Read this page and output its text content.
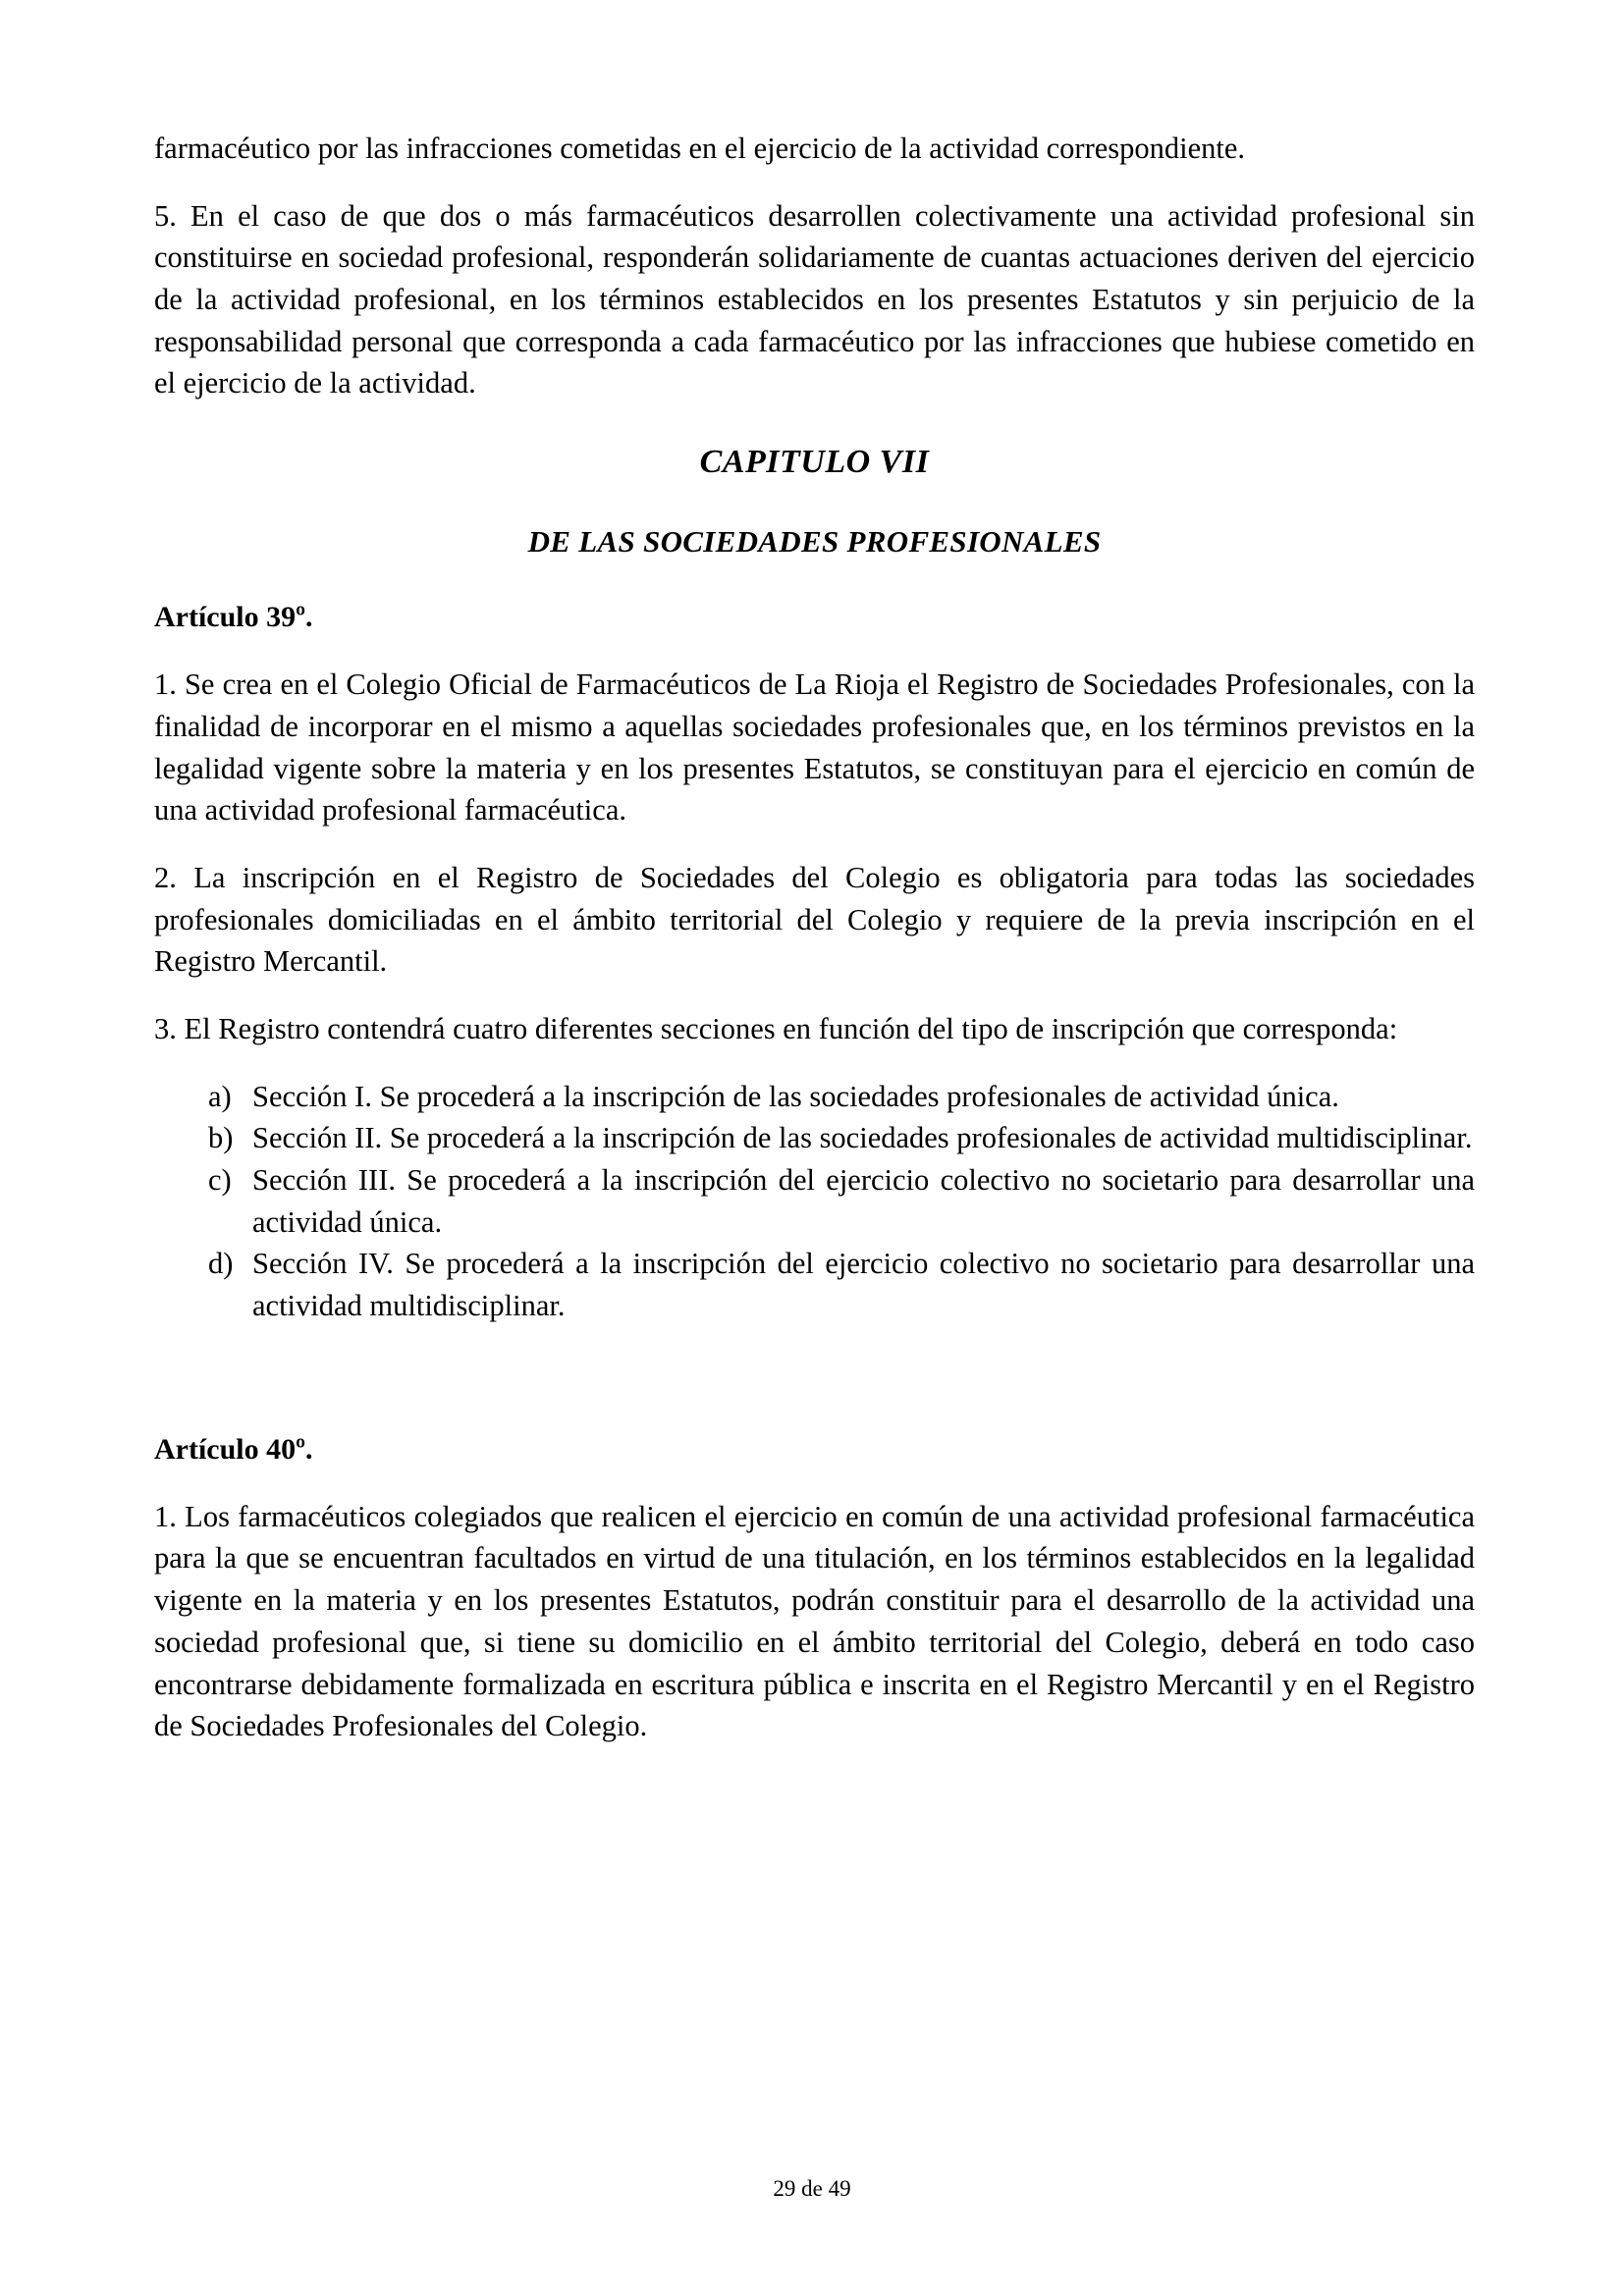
farmacéutico por las infracciones cometidas en el ejercicio de la actividad correspondiente.

5. En el caso de que dos o más farmacéuticos desarrollen colectivamente una actividad profesional sin constituirse en sociedad profesional, responderán solidariamente de cuantas actuaciones deriven del ejercicio de la actividad profesional, en los términos establecidos en los presentes Estatutos y sin perjuicio de la responsabilidad personal que corresponda a cada farmacéutico por las infracciones que hubiese cometido en el ejercicio de la actividad.

CAPITULO VII
DE LAS SOCIEDADES PROFESIONALES
Artículo 39º.

1. Se crea en el Colegio Oficial de Farmacéuticos de La Rioja el Registro de Sociedades Profesionales, con la finalidad de incorporar en el mismo a aquellas sociedades profesionales que, en los términos previstos en la legalidad vigente sobre la materia y en los presentes Estatutos, se constituyan para el ejercicio en común de una actividad profesional farmacéutica.

2. La inscripción en el Registro de Sociedades del Colegio es obligatoria para todas las sociedades profesionales domiciliadas en el ámbito territorial del Colegio y requiere de la previa inscripción en el Registro Mercantil.

3. El Registro contendrá cuatro diferentes secciones en función del tipo de inscripción que corresponda:

a) Sección I. Se procederá a la inscripción de las sociedades profesionales de actividad única.
b) Sección II. Se procederá a la inscripción de las sociedades profesionales de actividad multidisciplinar.
c) Sección III. Se procederá a la inscripción del ejercicio colectivo no societario para desarrollar una actividad única.
d) Sección IV. Se procederá a la inscripción del ejercicio colectivo no societario para desarrollar una actividad multidisciplinar.
Artículo 40º.

1. Los farmacéuticos colegiados que realicen el ejercicio en común de una actividad profesional farmacéutica para la que se encuentran facultados en virtud de una titulación, en los términos establecidos en la legalidad vigente en la materia y en los presentes Estatutos, podrán constituir para el desarrollo de la actividad una sociedad profesional que, si tiene su domicilio en el ámbito territorial del Colegio, deberá en todo caso encontrarse debidamente formalizada en escritura pública e inscrita en el Registro Mercantil y en el Registro de Sociedades Profesionales del Colegio.

29 de 49
